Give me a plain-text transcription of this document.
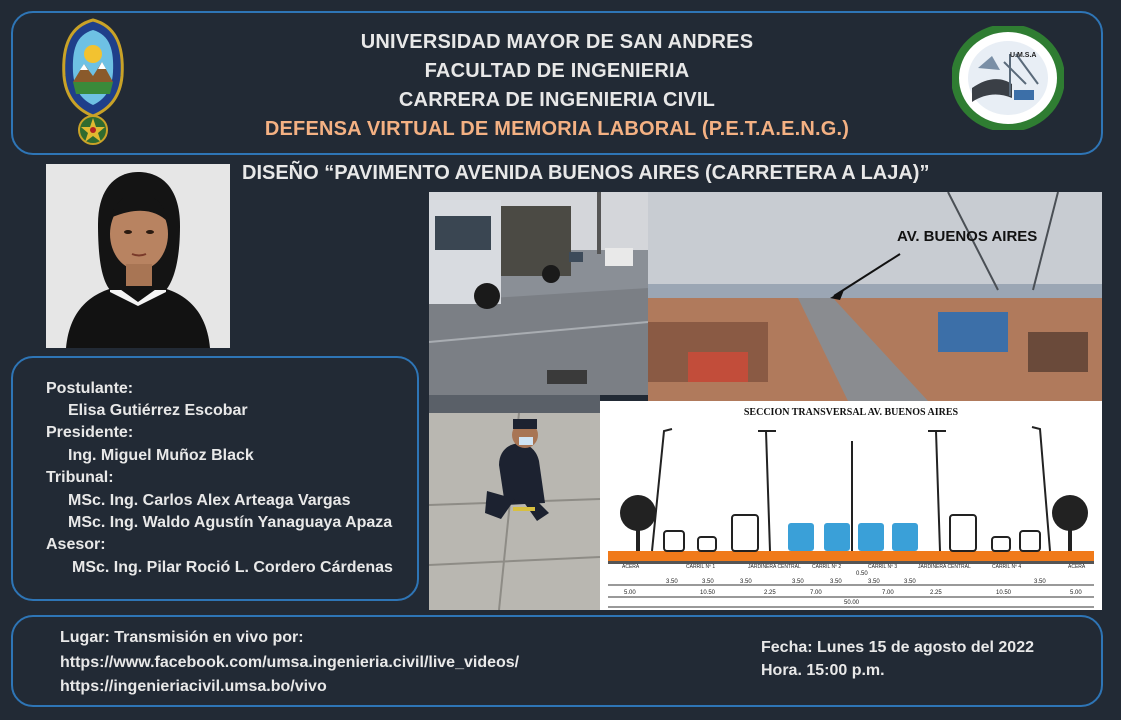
UNIVERSIDAD MAYOR DE SAN ANDRES
FACULTAD DE INGENIERIA
CARRERA DE INGENIERIA CIVIL
DEFENSA VIRTUAL DE MEMORIA LABORAL (P.E.T.A.E.N.G.)
U.M.S.A
DISEÑO “PAVIMENTO AVENIDA BUENOS AIRES (CARRETERA A LAJA)”
AV. BUENOS AIRES
SECCION TRANSVERSAL AV. BUENOS AIRES
ACERA	CARRIL Nº 1	JARDINERA CENTRAL CARRIL Nº 2	CARRIL Nº 3	JARDINERA CENTRAL	CARRIL Nº 4	ACERA
3.50	3.50	3.50	3.50	3.50
0.50
3.50	3.50	3.50
5.00	10.50	2.25	7.00	7.00	2.25	10.50	5.00
50.00
Postulante:
Elisa Gutiérrez Escobar
Presidente:
Ing. Miguel Muñoz Black
Tribunal:
MSc. Ing. Carlos Alex Arteaga Vargas
MSc. Ing. Waldo Agustín Yanaguaya Apaza
Asesor:
MSc. Ing. Pilar Roció L. Cordero Cárdenas
Lugar: Transmisión en vivo por:
https://www.facebook.com/umsa.ingenieria.civil/live_videos/
https://ingenieriacivil.umsa.bo/vivo
Fecha: Lunes 15 de agosto del 2022
Hora. 15:00 p.m.
